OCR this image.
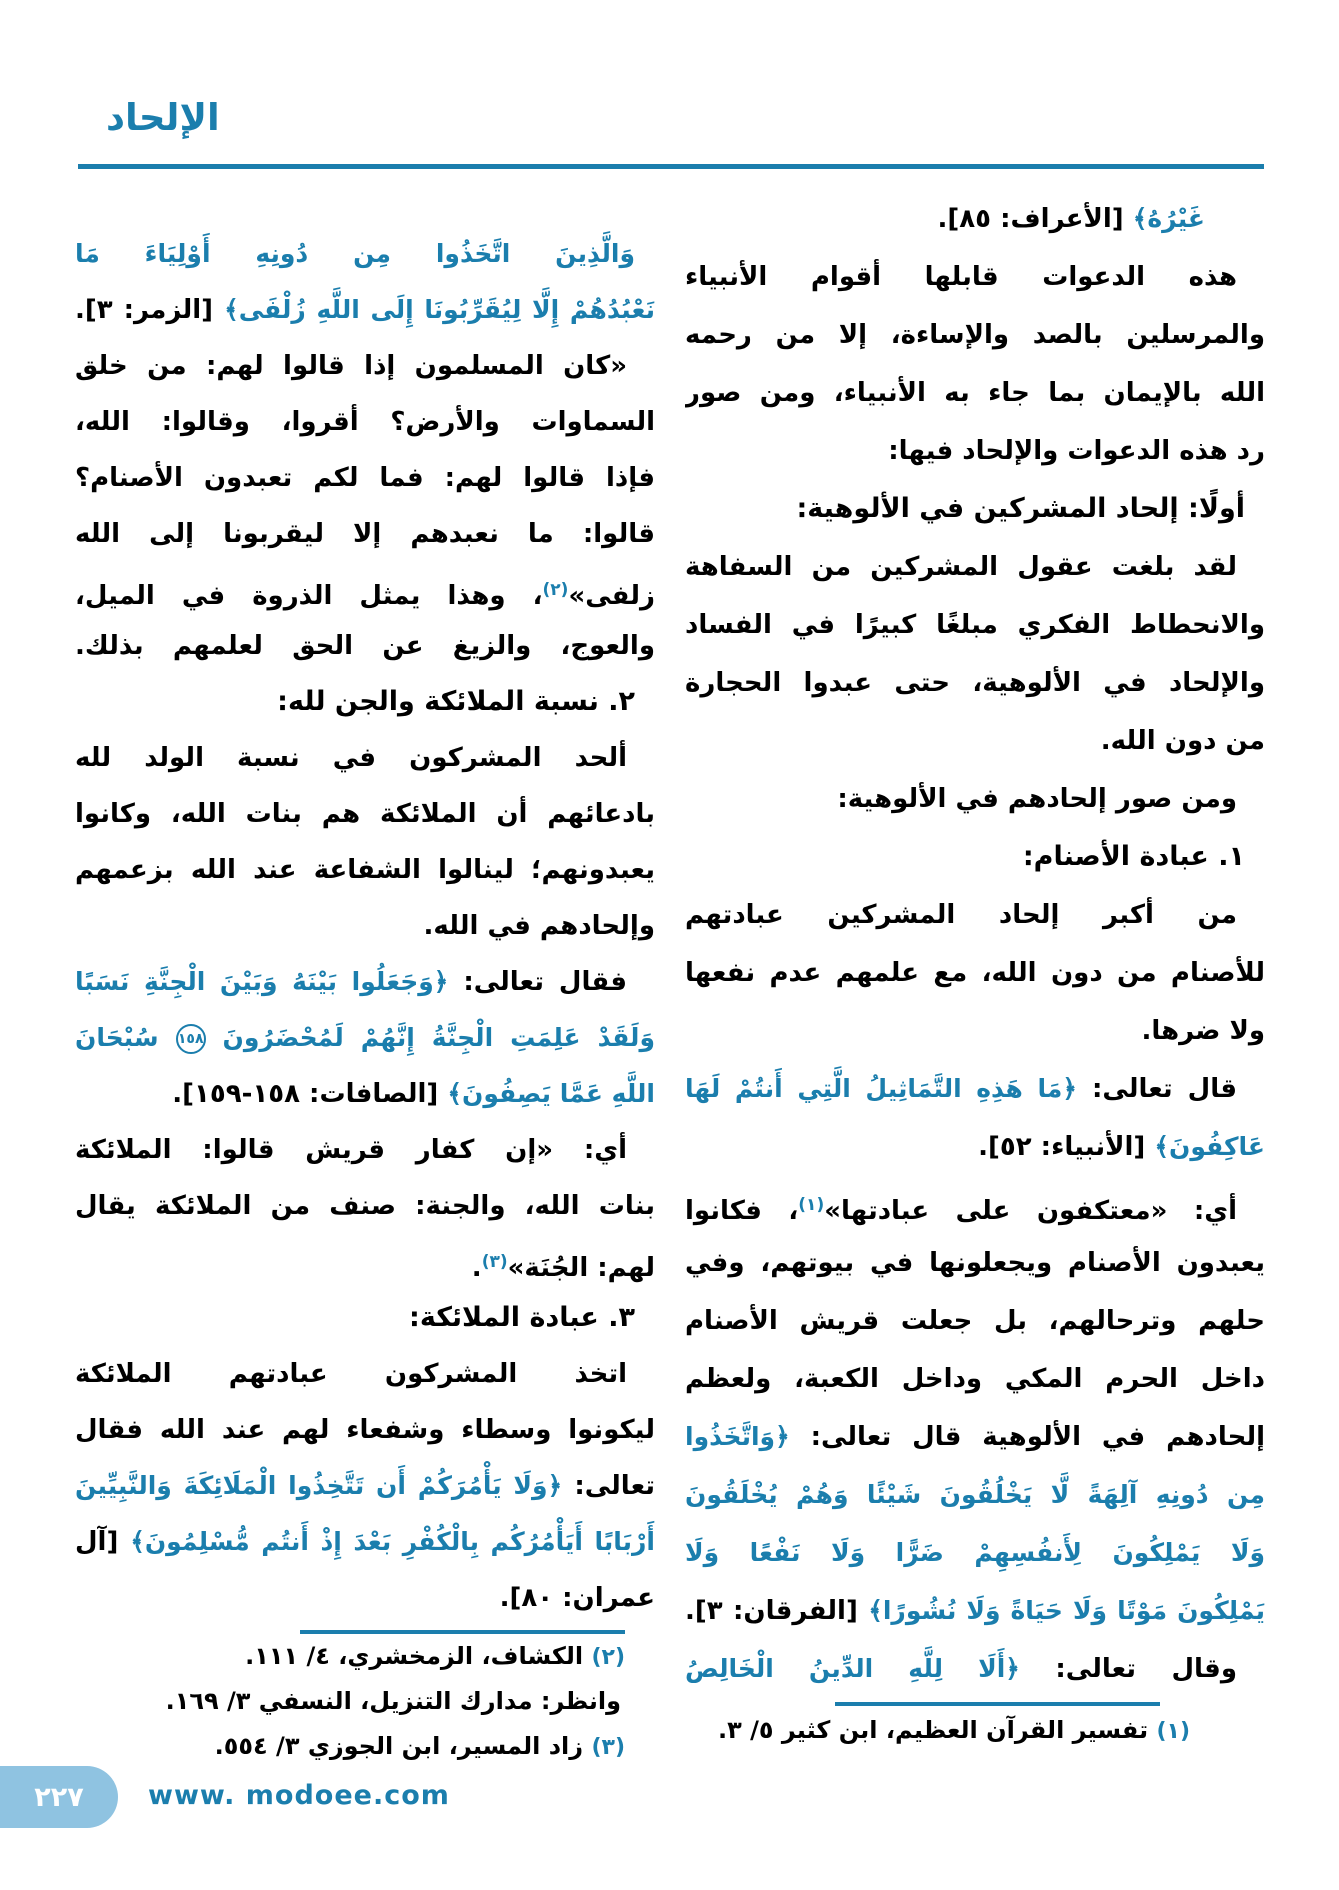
الإلحاد
غَيْرُهُ﴾ [الأعراف: ٨٥].
هذه الدعوات قابلها أقوام الأنبياء
والمرسلين بالصد والإساءة، إلا من رحمه
الله بالإيمان بما جاء به الأنبياء، ومن صور
رد هذه الدعوات والإلحاد فيها:
أولًا: إلحاد المشركين في الألوهية:
لقد بلغت عقول المشركين من السفاهة
والانحطاط الفكري مبلغًا كبيرًا في الفساد
والإلحاد في الألوهية، حتى عبدوا الحجارة
من دون الله.
ومن صور إلحادهم في الألوهية:
١. عبادة الأصنام:
من أكبر إلحاد المشركين عبادتهم
للأصنام من دون الله، مع علمهم عدم نفعها
ولا ضرها.
قال تعالى: ﴿مَا هَذِهِ التَّمَاثِيلُ الَّتِي أَنتُمْ لَهَا
عَاكِفُونَ﴾ [الأنبياء: ٥٢].
أي: «معتكفون على عبادتها»$^{(١)}$، فكانوا
يعبدون الأصنام ويجعلونها في بيوتهم، وفي
حلهم وترحالهم، بل جعلت قريش الأصنام
داخل الحرم المكي وداخل الكعبة، ولعظم
إلحادهم في الألوهية قال تعالى: ﴿وَاتَّخَذُوا
مِن دُونِهِ آلِهَةً لَّا يَخْلُقُونَ شَيْئًا وَهُمْ يُخْلَقُونَ
وَلَا يَمْلِكُونَ لِأَنفُسِهِمْ ضَرًّا وَلَا نَفْعًا وَلَا
يَمْلِكُونَ مَوْتًا وَلَا حَيَاةً وَلَا نُشُورًا﴾ [الفرقان: ٣].
وقال تعالى: ﴿أَلَا لِلَّهِ الدِّينُ الْخَالِصُ
(١) تفسير القرآن العظيم، ابن كثير ٥/ ٣.
وَالَّذِينَ اتَّخَذُوا مِن دُونِهِ أَوْلِيَاءَ مَا
نَعْبُدُهُمْ إِلَّا لِيُقَرِّبُونَا إِلَى اللَّهِ زُلْفَى﴾ [الزمر: ٣].
«كان المسلمون إذا قالوا لهم: من خلق
السماوات والأرض؟ أقروا، وقالوا: الله،
فإذا قالوا لهم: فما لكم تعبدون الأصنام؟
قالوا: ما نعبدهم إلا ليقربونا إلى الله
زلفى»$^{(٢)}$، وهذا يمثل الذروة في الميل،
والعوج، والزيغ عن الحق لعلمهم بذلك.
٢. نسبة الملائكة والجن لله:
ألحد المشركون في نسبة الولد لله
بادعائهم أن الملائكة هم بنات الله، وكانوا
يعبدونهم؛ لينالوا الشفاعة عند الله بزعمهم
وإلحادهم في الله.
فقال تعالى: ﴿وَجَعَلُوا بَيْنَهُ وَبَيْنَ الْجِنَّةِ نَسَبًا
وَلَقَدْ عَلِمَتِ الْجِنَّةُ إِنَّهُمْ لَمُحْضَرُونَ ١٥٨ سُبْحَانَ
اللَّهِ عَمَّا يَصِفُونَ﴾ [الصافات: ١٥٨-١٥٩].
أي: «إن كفار قريش قالوا: الملائكة
بنات الله، والجنة: صنف من الملائكة يقال
لهم: الجُنَة»$^{(٣)}$.
٣. عبادة الملائكة:
اتخذ المشركون عبادتهم الملائكة
ليكونوا وسطاء وشفعاء لهم عند الله فقال
تعالى: ﴿وَلَا يَأْمُرَكُمْ أَن تَتَّخِذُوا الْمَلَائِكَةَ وَالنَّبِيِّينَ
أَرْبَابًا أَيَأْمُرُكُم بِالْكُفْرِ بَعْدَ إِذْ أَنتُم مُّسْلِمُونَ﴾ [آل
عمران: ٨٠].
(٢) الكشاف، الزمخشري، ٤/ ١١١.
وانظر: مدارك التنزيل، النسفي ٣/ ١٦٩.
(٣) زاد المسير، ابن الجوزي ٣/ ٥٥٤.
٢٢٧ www. modoee.com
